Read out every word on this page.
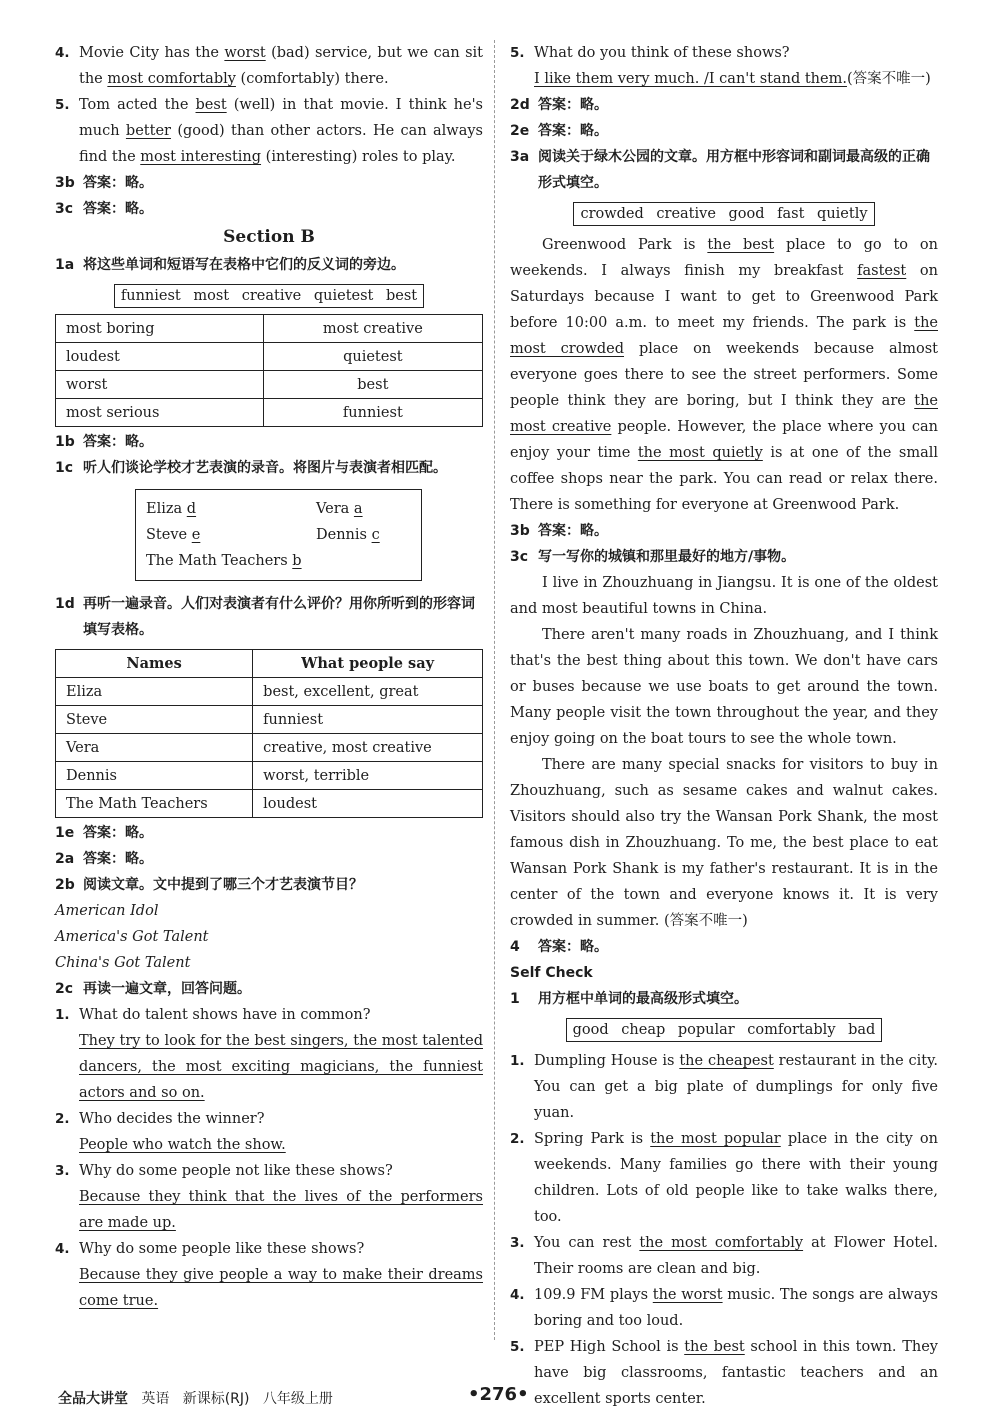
4. Movie City has the worst (bad) service, but we can sit the most comfortably (comfortably) there.
5. Tom acted the best (well) in that movie. I think he's much better (good) than other actors. He can always find the most interesting (interesting) roles to play.
3b 答案：略。
3c 答案：略。
Section B
1a 将这些单词和短语写在表格中它们的反义词的旁边。
funniest most creative quietest best
most boring	most creative
loudest	quietest
worst	best
most serious	funniest
1b 答案：略。
1c 听人们谈论学校才艺表演的录音。将图片与表演者相匹配。
Eliza d	Vera a
Steve e	Dennis c
The Math Teachers b
1d 再听一遍录音。人们对表演者有什么评价？用你所听到的形容词填写表格。
Names	What people say
Eliza	best, excellent, great
Steve	funniest
Vera	creative, most creative
Dennis	worst, terrible
The Math Teachers	loudest
1e 答案：略。
2a 答案：略。
2b 阅读文章。文中提到了哪三个才艺表演节目？
American Idol
America's Got Talent
China's Got Talent
2c 再读一遍文章，回答问题。
1. What do talent shows have in common?
They try to look for the best singers, the most talented dancers, the most exciting magicians, the funniest actors and so on.
2. Who decides the winner?
People who watch the show.
3. Why do some people not like these shows?
Because they think that the lives of the performers are made up.
4. Why do some people like these shows?
Because they give people a way to make their dreams come true.
5. What do you think of these shows?
I like them very much. /I can't stand them.(答案不唯一)
2d 答案：略。
2e 答案：略。
3a 阅读关于绿木公园的文章。用方框中形容词和副词最高级的正确形式填空。
crowded creative good fast quietly

Greenwood Park is the best place to go to on weekends. I always finish my breakfast fastest on Saturdays because I want to get to Greenwood Park before 10:00 a.m. to meet my friends. The park is the most crowded place on weekends because almost everyone goes there to see the street performers. Some people think they are boring, but I think they are the most creative people. However, the place where you can enjoy your time the most quietly is at one of the small coffee shops near the park. You can read or relax there. There is something for everyone at Greenwood Park.

3b 答案：略。
3c 写一写你的城镇和那里最好的地方/事物。

I live in Zhouzhuang in Jiangsu. It is one of the oldest and most beautiful towns in China.

There aren't many roads in Zhouzhuang, and I think that's the best thing about this town. We don't have cars or buses because we use boats to get around the town. Many people visit the town throughout the year, and they enjoy going on the boat tours to see the whole town.

There are many special snacks for visitors to buy in Zhouzhuang, such as sesame cakes and walnut cakes. Visitors should also try the Wansan Pork Shank, the most famous dish in Zhouzhuang. To me, the best place to eat Wansan Pork Shank is my father's restaurant. It is in the center of the town and everyone knows it. It is very crowded in summer. (答案不唯一)

4	答案：略。
Self Check
1	用方框中单词的最高级形式填空。
good cheap popular comfortably bad
1. Dumpling House is the cheapest restaurant in the city. You can get a big plate of dumplings for only five yuan.
2. Spring Park is the most popular place in the city on weekends. Many families go there with their young children. Lots of old people like to take walks there, too.
3. You can rest the most comfortably at Flower Hotel. Their rooms are clean and big.
4. 109.9 FM plays the worst music. The songs are always boring and too loud.
5. PEP High School is the best school in this town. They have big classrooms, fantastic teachers and an excellent sports center.
全品大讲堂 英语 新课标(RJ) 八年级上册	•276•
